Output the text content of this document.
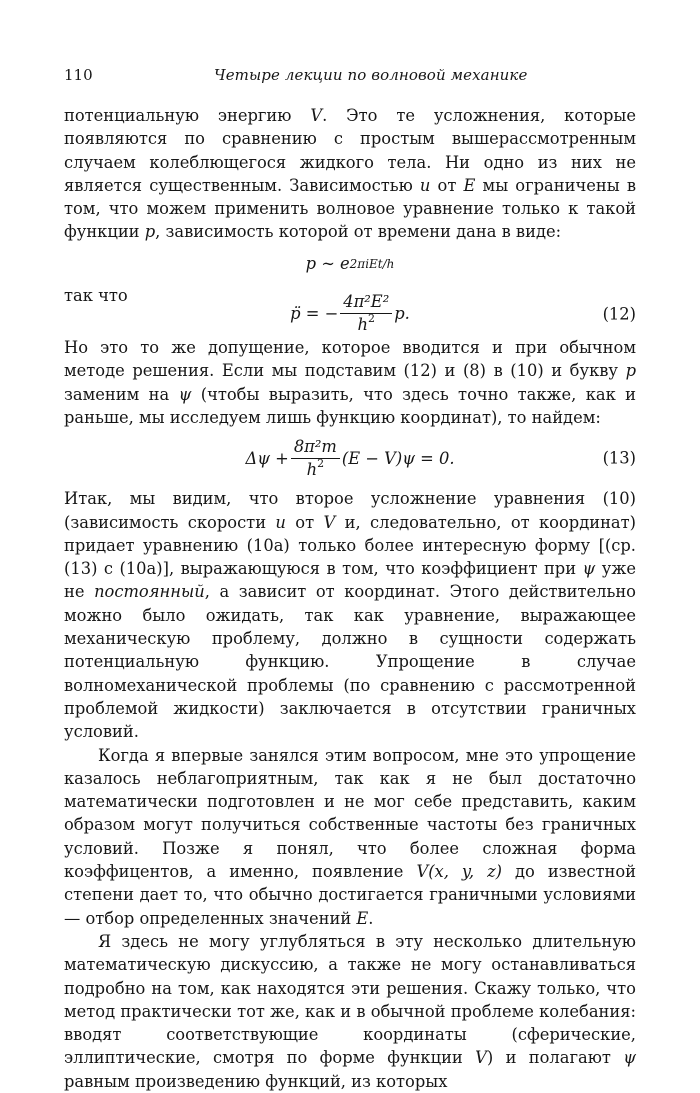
110	Четыре лекции по волновой механике

потенциальную энергию V. Это те усложнения, которые появляются по сравнению с простым вышерассмотренным случаем колеблющегося жидкого тела. Ни одно из них не является существенным. Зависимостью u от E мы ограничены в том, что можем применить волновое уравнение только к такой функции p, зависимость которой от времени дана в виде:

p ∼ e 2πiEt/h

так что

p̈ = − $\frac{\text{4π²E²}}{h^2} p$.	(12)

Но это то же допущение, которое вводится и при обычном методе решения. Если мы подставим (12) и (8) в (10) и букву p заменим на ψ (чтобы выразить, что здесь точно также, как и раньше, мы исследуем лишь функцию координат), то найдем:

$\Delta\psi + \frac{\text{8π²m}}{h^2} (E - V)\psi = 0$.	(13)

Итак, мы видим, что второе усложнение уравнения (10) (зависимость скорости u от V и, следовательно, от координат) придает уравнению (10а) только более интересную форму [(ср.(13) с (10а)], выражающуюся в том, что коэффициент при ψ уже не постоянный, а зависит от координат. Этого действительно можно было ожидать, так как уравнение, выражающее механическую проблему, должно в сущности содержать потенциальную функцию. Упрощение в случае волномеханической проблемы (по сравнению с рассмотренной проблемой жидкости) заключается в отсутствии граничных условий.

Когда я впервые занялся этим вопросом, мне это упрощение казалось неблагоприятным, так как я не был достаточно математически подготовлен и не мог себе представить, каким образом могут получиться собственные частоты без граничных условий. Позже я понял, что более сложная форма коэффицентов, а именно, появление V(x, y, z) до известной степени дает то, что обычно достигается граничными условиями — отбор определенных значений E.

Я здесь не могу углубляться в эту несколько длительную математическую дискуссию, а также не могу останавливаться подробно на том, как находятся эти решения. Скажу только, что метод практически тот же, как и в обычной проблеме колебания: вводят соответствующие координаты (сферические, эллиптические, смотря по форме функции V) и полагают ψ равным произведению функций, из которых
